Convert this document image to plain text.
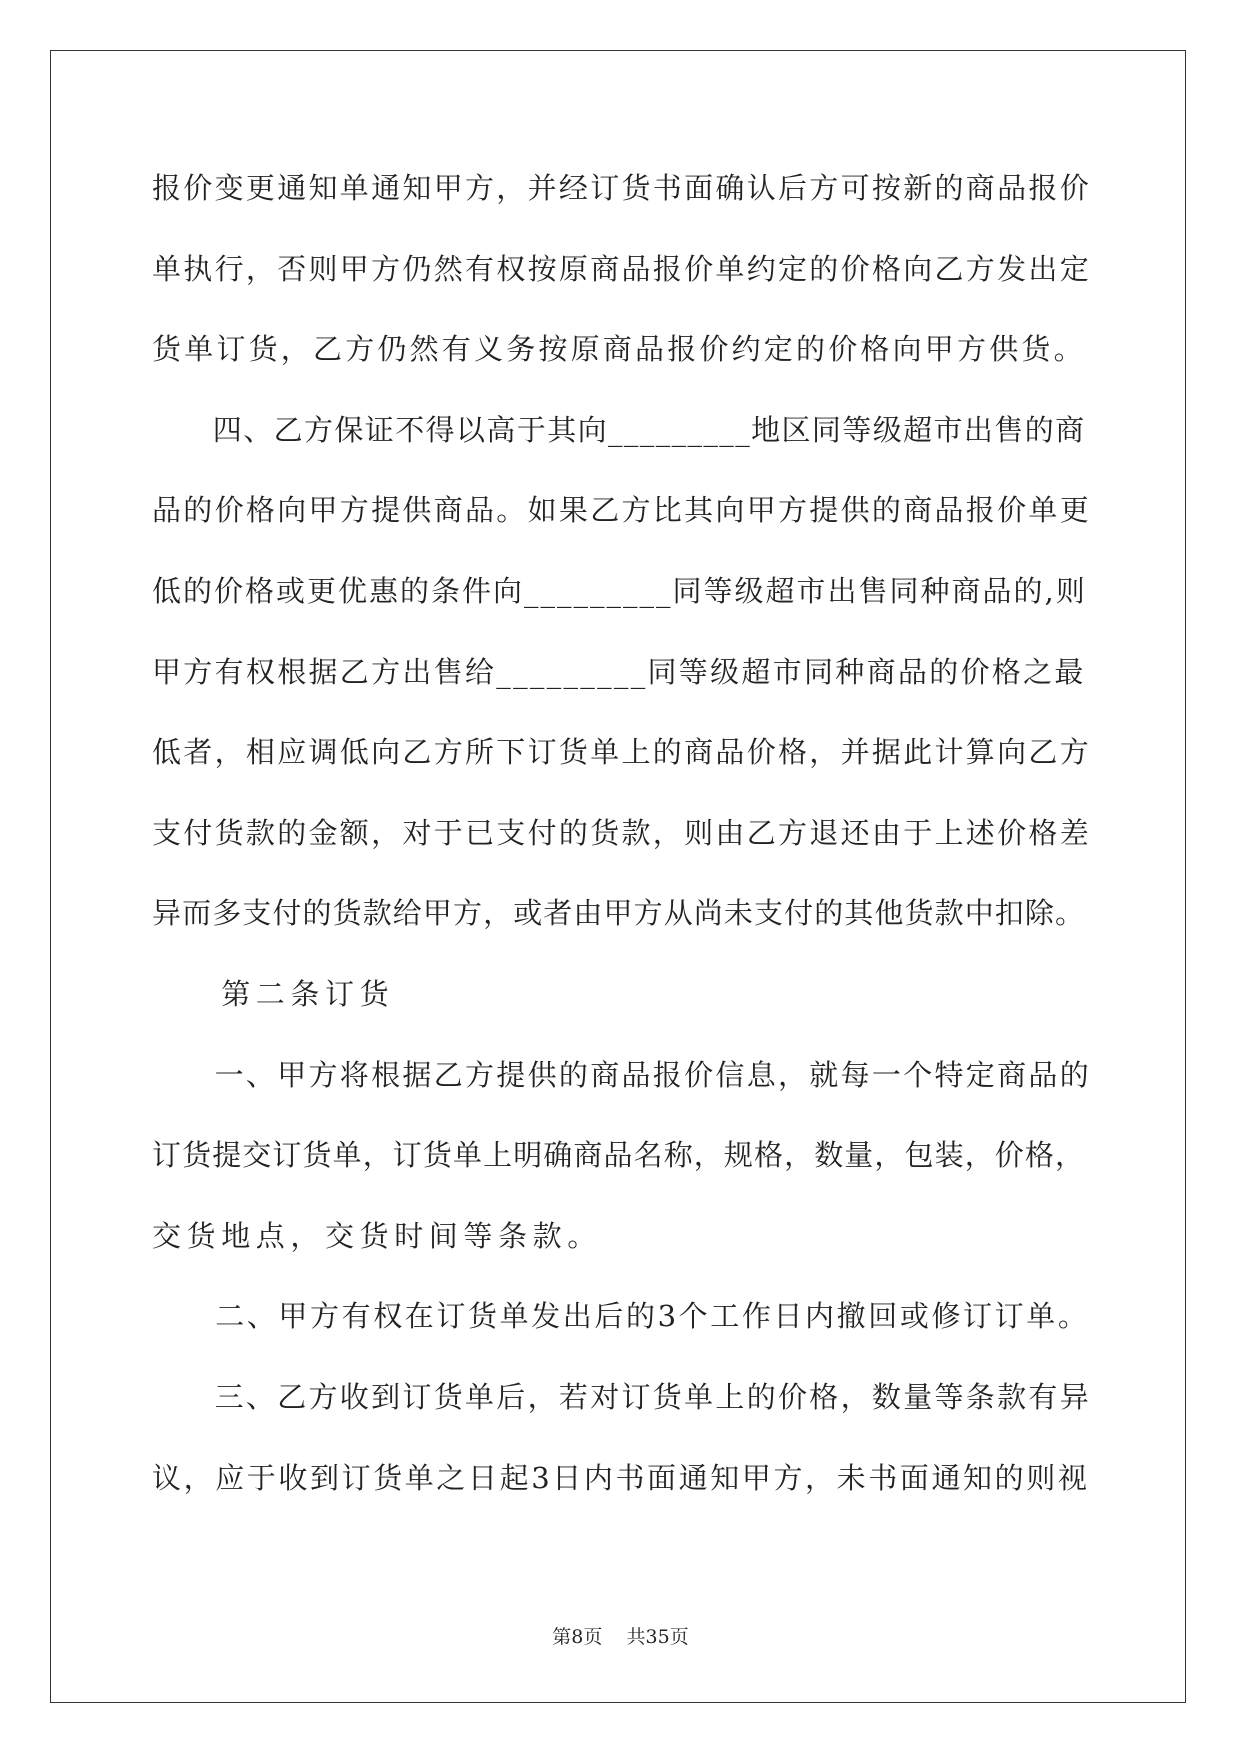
报价变更通知单通知甲方，并经订货书面确认后方可按新的商品报价
单执行，否则甲方仍然有权按原商品报价单约定的价格向乙方发出定
货单订货，乙方仍然有义务按原商品报价约定的价格向甲方供货。
　　四、乙方保证不得以高于其向_________地区同等级超市出售的商
品的价格向甲方提供商品。如果乙方比其向甲方提供的商品报价单更
低的价格或更优惠的条件向_________同等级超市出售同种商品的,则
甲方有权根据乙方出售给_________同等级超市同种商品的价格之最
低者，相应调低向乙方所下订货单上的商品价格，并据此计算向乙方
支付货款的金额，对于已支付的货款，则由乙方退还由于上述价格差
异而多支付的货款给甲方，或者由甲方从尚未支付的其他货款中扣除。
　　第二条订货
　　一、甲方将根据乙方提供的商品报价信息，就每一个特定商品的
订货提交订货单，订货单上明确商品名称，规格，数量，包装，价格，
交货地点，交货时间等条款。
　　二、甲方有权在订货单发出后的3个工作日内撤回或修订订单。
　　三、乙方收到订货单后，若对订货单上的价格，数量等条款有异
议，应于收到订货单之日起3日内书面通知甲方，未书面通知的则视
第8页 共35页
